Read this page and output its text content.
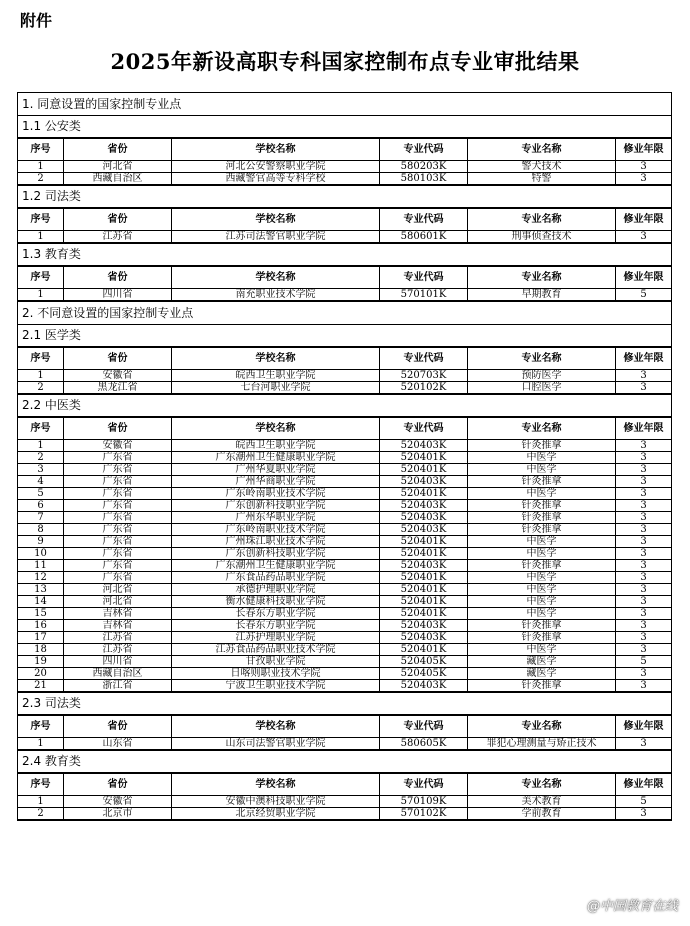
附件
2025年新设高职专科国家控制布点专业审批结果
1. 同意设置的国家控制专业点					
1.1 公安类					
序号	省份	学校名称	专业代码	专业名称	修业年限
1	河北省	河北公安警察职业学院	580203K	警犬技术	3
2	西藏自治区	西藏警官高等专科学校	580103K	特警	3
1.2 司法类					
序号	省份	学校名称	专业代码	专业名称	修业年限
1	江苏省	江苏司法警官职业学院	580601K	刑事侦查技术	3
1.3 教育类					
序号	省份	学校名称	专业代码	专业名称	修业年限
1	四川省	南充职业技术学院	570101K	早期教育	5
2. 不同意设置的国家控制专业点					
2.1 医学类					
序号	省份	学校名称	专业代码	专业名称	修业年限
1	安徽省	皖西卫生职业学院	520703K	预防医学	3
2	黑龙江省	七台河职业学院	520102K	口腔医学	3
2.2 中医类					
序号	省份	学校名称	专业代码	专业名称	修业年限
1	安徽省	皖西卫生职业学院	520403K	针灸推拿	3
2	广东省	广东潮州卫生健康职业学院	520401K	中医学	3
3	广东省	广州华夏职业学院	520401K	中医学	3
4	广东省	广州华商职业学院	520403K	针灸推拿	3
5	广东省	广东岭南职业技术学院	520401K	中医学	3
6	广东省	广东创新科技职业学院	520403K	针灸推拿	3
7	广东省	广州东华职业学院	520403K	针灸推拿	3
8	广东省	广东岭南职业技术学院	520403K	针灸推拿	3
9	广东省	广州珠江职业技术学院	520401K	中医学	3
10	广东省	广东创新科技职业学院	520401K	中医学	3
11	广东省	广东潮州卫生健康职业学院	520403K	针灸推拿	3
12	广东省	广东食品药品职业学院	520401K	中医学	3
13	河北省	承德护理职业学院	520401K	中医学	3
14	河北省	衡水健康科技职业学院	520401K	中医学	3
15	吉林省	长春东方职业学院	520401K	中医学	3
16	吉林省	长春东方职业学院	520403K	针灸推拿	3
17	江苏省	江苏护理职业学院	520403K	针灸推拿	3
18	江苏省	江苏食品药品职业技术学院	520401K	中医学	3
19	四川省	甘孜职业学院	520405K	藏医学	5
20	西藏自治区	日喀则职业技术学院	520405K	藏医学	3
21	浙江省	宁波卫生职业技术学院	520403K	针灸推拿	3
2.3 司法类					
序号	省份	学校名称	专业代码	专业名称	修业年限
1	山东省	山东司法警官职业学院	580605K	罪犯心理测量与矫正技术	3
2.4 教育类					
序号	省份	学校名称	专业代码	专业名称	修业年限
1	安徽省	安徽中澳科技职业学院	570109K	美术教育	5
2	北京市	北京经贸职业学院	570102K	学前教育	3
@中国教育在线
